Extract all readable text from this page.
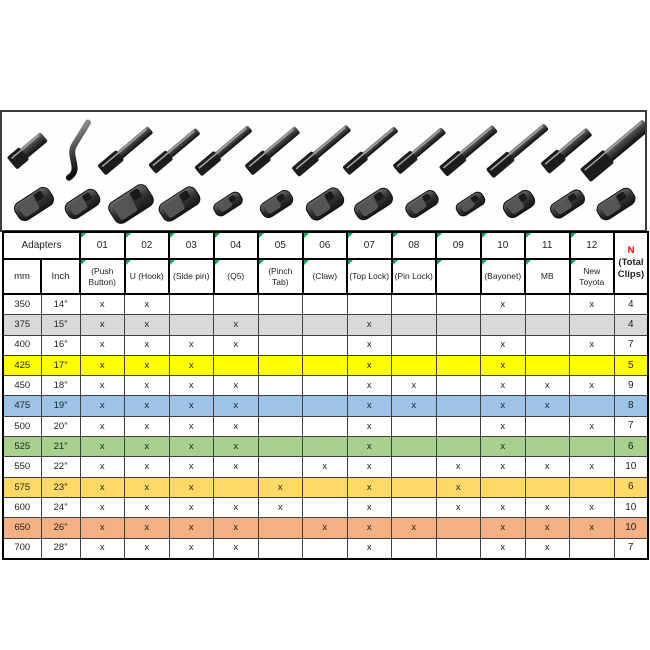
Adapters		01	02	03	04	05	06	07	08	09	10	11	12	N (Total Clips)
mm	Inch	(Push Button)	U (Hook)	(Side pin)	(Q5)	(Pinch Tab)	(Claw)	(Top Lock)	(Pin Lock)		(Bayonet)	MB	New Toyota	
350	14”	x	x								x		x	4
375	15”	x	x		x			x						4
400	16”	x	x	x	x			x			x		x	7
425	17”	x	x	x				x			x			5
450	18”	x	x	x	x			x	x		x	x	x	9
475	19”	x	x	x	x			x	x		x	x		8
500	20”	x	x	x	x			x			x		x	7
525	21”	x	x	x	x			x			x			6
550	22”	x	x	x	x		x	x		x	x	x	x	10
575	23”	x	x	x		x		x		x				6
600	24”	x	x	x	x	x		x		x	x	x	x	10
650	26”	x	x	x	x		x	x	x		x	x	x	10
700	28”	x	x	x	x			x			x	x		7
